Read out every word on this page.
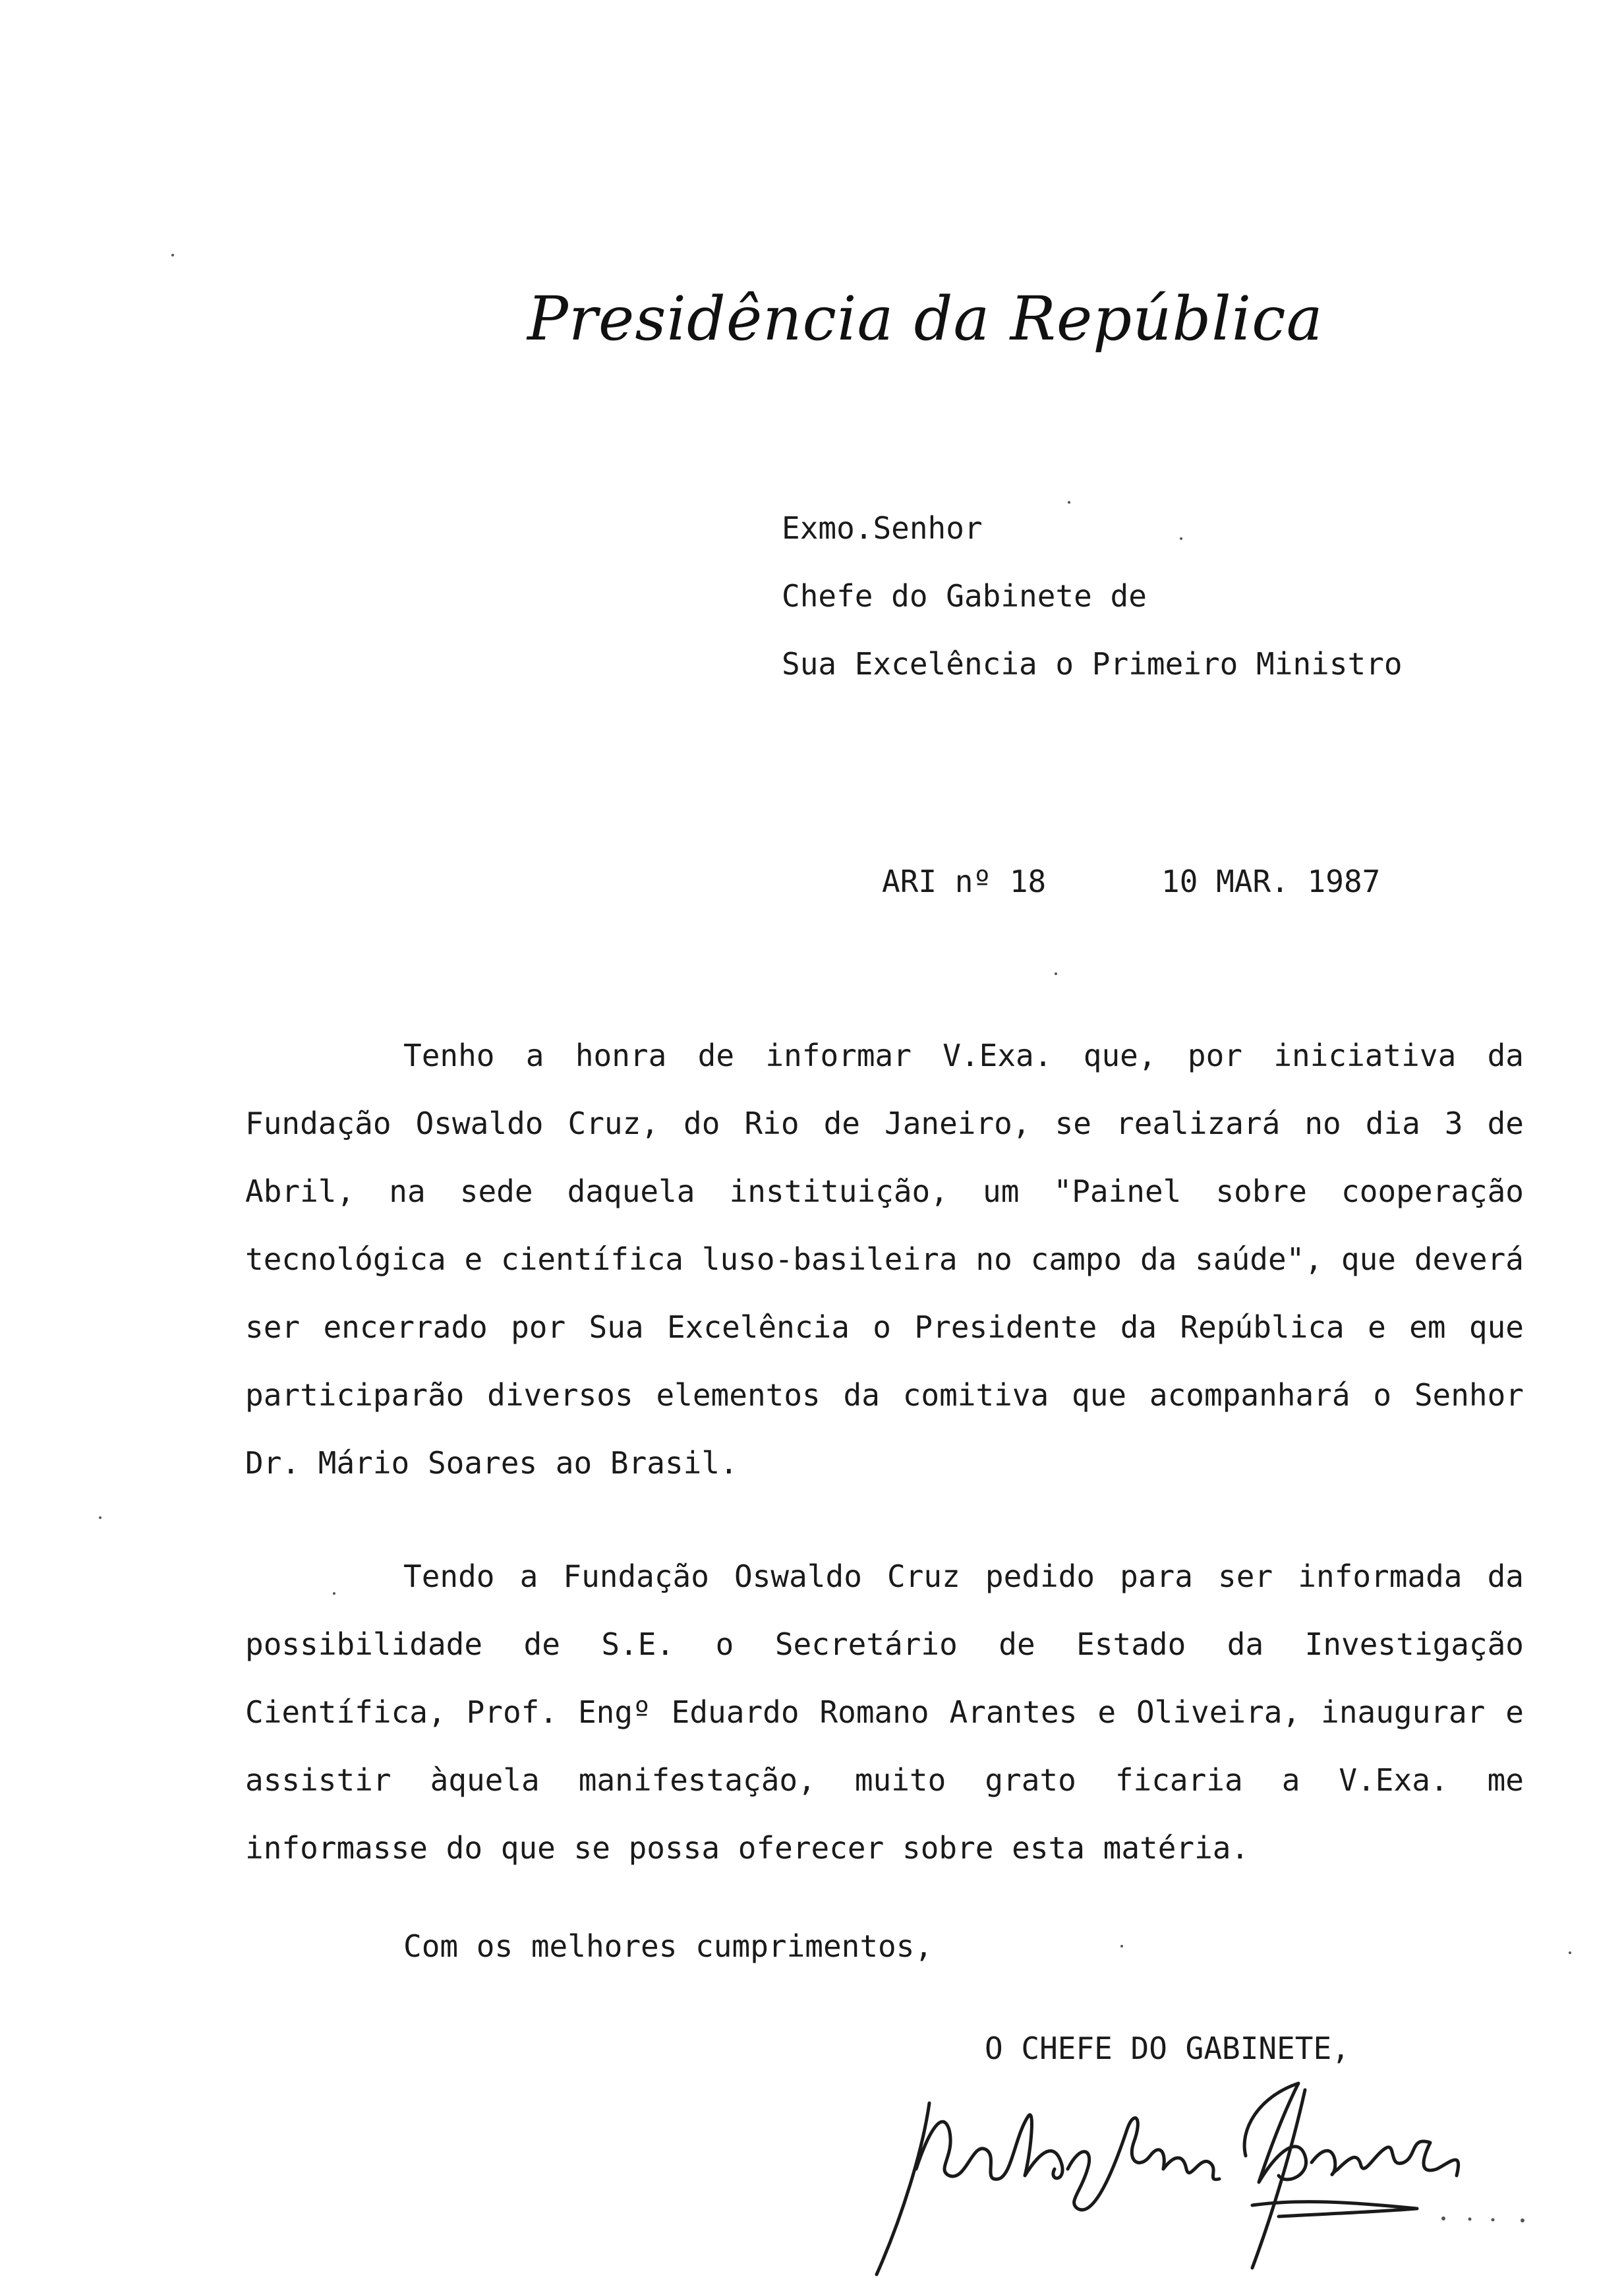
Presidência da República
Exmo.Senhor
Chefe do Gabinete de
Sua Excelência o Primeiro Ministro
ARI nº 18	10 MAR. 1987

Tenho a honra de informar V.Exa. que, por iniciativa da Fundação Oswaldo Cruz, do Rio de Janeiro, se realizará no dia 3 de Abril, na sede daquela instituição, um "Painel sobre cooperação tecnológica e científica luso-basileira no campo da saúde", que deverá ser encerrado por Sua Excelência o Presidente da República e em que participarão diversos elementos da comitiva que acompanhará o Senhor Dr. Mário Soares ao Brasil.

Tendo a Fundação Oswaldo Cruz pedido para ser informada da possibilidade de S.E. o Secretário de Estado da Investigação Científica, Prof. Engº Eduardo Romano Arantes e Oliveira, inaugurar e assistir àquela manifestação, muito grato ficaria a V.Exa. me informasse do que se possa oferecer sobre esta matéria.

Com os melhores cumprimentos,
O CHEFE DO GABINETE,
